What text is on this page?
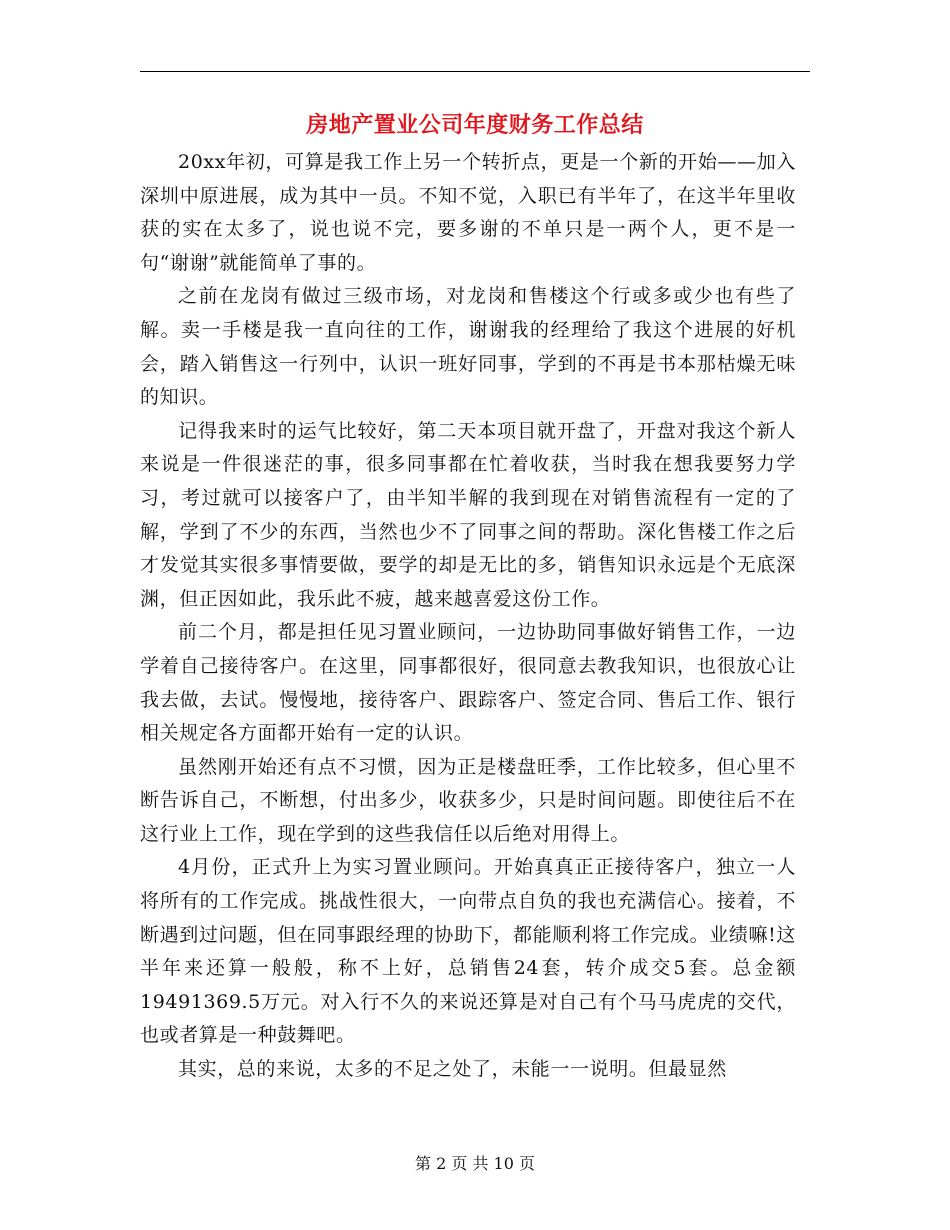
房地产置业公司年度财务工作总结

20xx年初，可算是我工作上另一个转折点，更是一个新的开始——加入深圳中原进展，成为其中一员。不知不觉，入职已有半年了，在这半年里收获的实在太多了，说也说不完，要多谢的不单只是一两个人，更不是一句“谢谢”就能简单了事的。

之前在龙岗有做过三级市场，对龙岗和售楼这个行或多或少也有些了解。卖一手楼是我一直向往的工作，谢谢我的经理给了我这个进展的好机会，踏入销售这一行列中，认识一班好同事，学到的不再是书本那枯燥无味的知识。

记得我来时的运气比较好，第二天本项目就开盘了，开盘对我这个新人来说是一件很迷茫的事，很多同事都在忙着收获，当时我在想我要努力学习，考过就可以接客户了，由半知半解的我到现在对销售流程有一定的了解，学到了不少的东西，当然也少不了同事之间的帮助。深化售楼工作之后才发觉其实很多事情要做，要学的却是无比的多，销售知识永远是个无底深渊，但正因如此，我乐此不疲，越来越喜爱这份工作。

前二个月，都是担任见习置业顾问，一边协助同事做好销售工作，一边学着自己接待客户。在这里，同事都很好，很同意去教我知识，也很放心让我去做，去试。慢慢地，接待客户、跟踪客户、签定合同、售后工作、银行相关规定各方面都开始有一定的认识。

虽然刚开始还有点不习惯，因为正是楼盘旺季，工作比较多，但心里不断告诉自己，不断想，付出多少，收获多少，只是时间问题。即使往后不在这行业上工作，现在学到的这些我信任以后绝对用得上。

4月份，正式升上为实习置业顾问。开始真真正正接待客户，独立一人将所有的工作完成。挑战性很大，一向带点自负的我也充满信心。接着，不断遇到过问题，但在同事跟经理的协助下，都能顺利将工作完成。业绩嘛!这半年来还算一般般，称不上好，总销售24套，转介成交5套。总金额19491369.5万元。对入行不久的来说还算是对自己有个马马虎虎的交代，也或者算是一种鼓舞吧。

其实，总的来说，太多的不足之处了，未能一一说明。但最显然

第 2 页 共 10 页
